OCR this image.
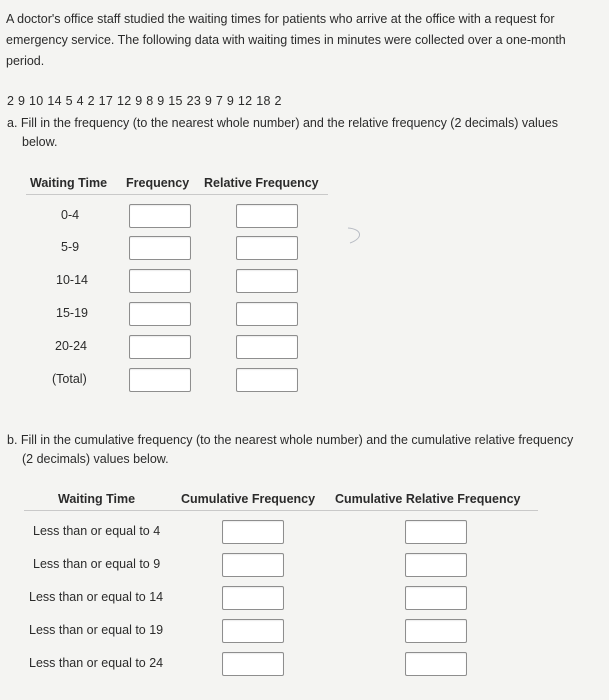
A doctor's office staff studied the waiting times for patients who arrive at the office with a request for emergency service. The following data with waiting times in minutes were collected over a one-month period.
2 9 10 14 5 4 2 17 12 9 8 9 15 23 9 7 9 12 18 2
a. Fill in the frequency (to the nearest whole number) and the relative frequency (2 decimals) values
below.
Waiting Time Frequency Relative Frequency
0-4
5-9
10-14
15-19
20-24
(Total)
b. Fill in the cumulative frequency (to the nearest whole number) and the cumulative relative frequency
(2 decimals) values below.
Waiting Time	Cumulative Frequency Cumulative Relative Frequency
Less than or equal to 4
Less than or equal to 9
Less than or equal to 14
Less than or equal to 19
Less than or equal to 24
